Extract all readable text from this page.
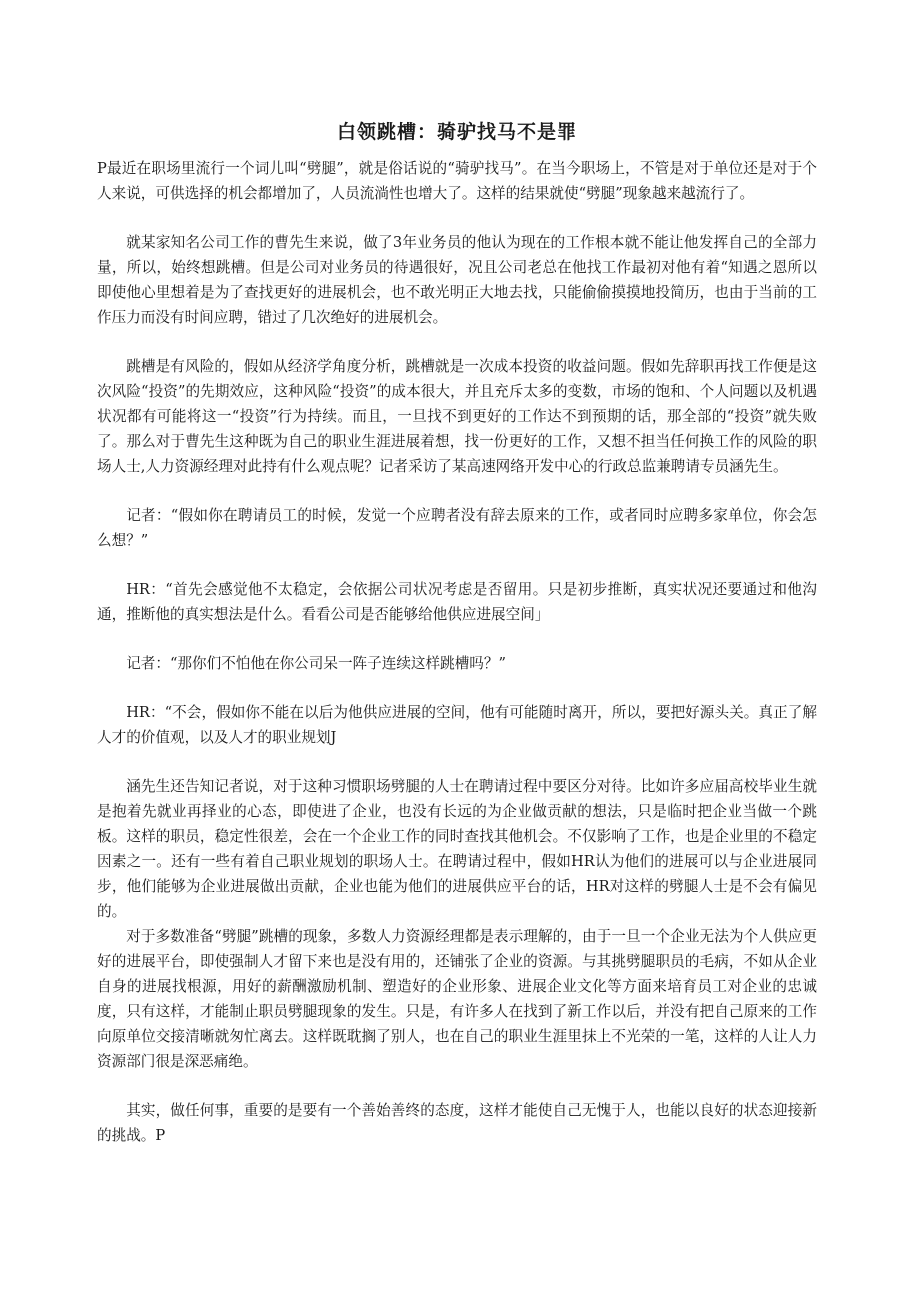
白领跳槽：骑驴找马不是罪

P最近在职场里流行一个词儿叫“劈腿”，就是俗话说的“骑驴找马”。在当今职场上，不管是对于单位还是对于个人来说，可供选择的机会都增加了，人员流淌性也增大了。这样的结果就使“劈腿”现象越来越流行了。

就某家知名公司工作的曹先生来说，做了3年业务员的他认为现在的工作根本就不能让他发挥自己的全部力量，所以，始终想跳槽。但是公司对业务员的待遇很好，况且公司老总在他找工作最初对他有着“知遇之恩所以即使他心里想着是为了查找更好的进展机会，也不敢光明正大地去找，只能偷偷摸摸地投简历，也由于当前的工作压力而没有时间应聘，错过了几次绝好的进展机会。

跳槽是有风险的，假如从经济学角度分析，跳槽就是一次成本投资的收益问题。假如先辞职再找工作便是这次风险“投资”的先期效应，这种风险“投资”的成本很大，并且充斥太多的变数，市场的饱和、个人问题以及机遇状况都有可能将这一“投资”行为持续。而且，一旦找不到更好的工作达不到预期的话，那全部的“投资”就失败了。那么对于曹先生这种既为自己的职业生涯进展着想，找一份更好的工作，又想不担当任何换工作的风险的职场人士,人力资源经理对此持有什么观点呢？记者采访了某高速网络开发中心的行政总监兼聘请专员涵先生。

记者：“假如你在聘请员工的时候，发觉一个应聘者没有辞去原来的工作，或者同时应聘多家单位，你会怎么想？”

HR：“首先会感觉他不太稳定，会依据公司状况考虑是否留用。只是初步推断，真实状况还要通过和他沟通，推断他的真实想法是什么。看看公司是否能够给他供应进展空间」

记者：“那你们不怕他在你公司呆一阵子连续这样跳槽吗？”

HR：“不会，假如你不能在以后为他供应进展的空间，他有可能随时离开，所以，要把好源头关。真正了解人才的价值观，以及人才的职业规划J

涵先生还告知记者说，对于这种习惯职场劈腿的人士在聘请过程中要区分对待。比如许多应届高校毕业生就是抱着先就业再择业的心态，即使进了企业，也没有长远的为企业做贡献的想法，只是临时把企业当做一个跳板。这样的职员，稳定性很差，会在一个企业工作的同时查找其他机会。不仅影响了工作，也是企业里的不稳定因素之一。还有一些有着自己职业规划的职场人士。在聘请过程中，假如HR认为他们的进展可以与企业进展同步，他们能够为企业进展做出贡献，企业也能为他们的进展供应平台的话，HR对这样的劈腿人士是不会有偏见的。

对于多数准备“劈腿”跳槽的现象，多数人力资源经理都是表示理解的，由于一旦一个企业无法为个人供应更好的进展平台，即使强制人才留下来也是没有用的，还铺张了企业的资源。与其挑劈腿职员的毛病，不如从企业自身的进展找根源，用好的薪酬激励机制、塑造好的企业形象、进展企业文化等方面来培育员工对企业的忠诚度，只有这样，才能制止职员劈腿现象的发生。只是，有许多人在找到了新工作以后，并没有把自己原来的工作向原单位交接清晰就匆忙离去。这样既耽搁了别人，也在自己的职业生涯里抹上不光荣的一笔，这样的人让人力资源部门很是深恶痛绝。

其实，做任何事，重要的是要有一个善始善终的态度，这样才能使自己无愧于人，也能以良好的状态迎接新的挑战。P
